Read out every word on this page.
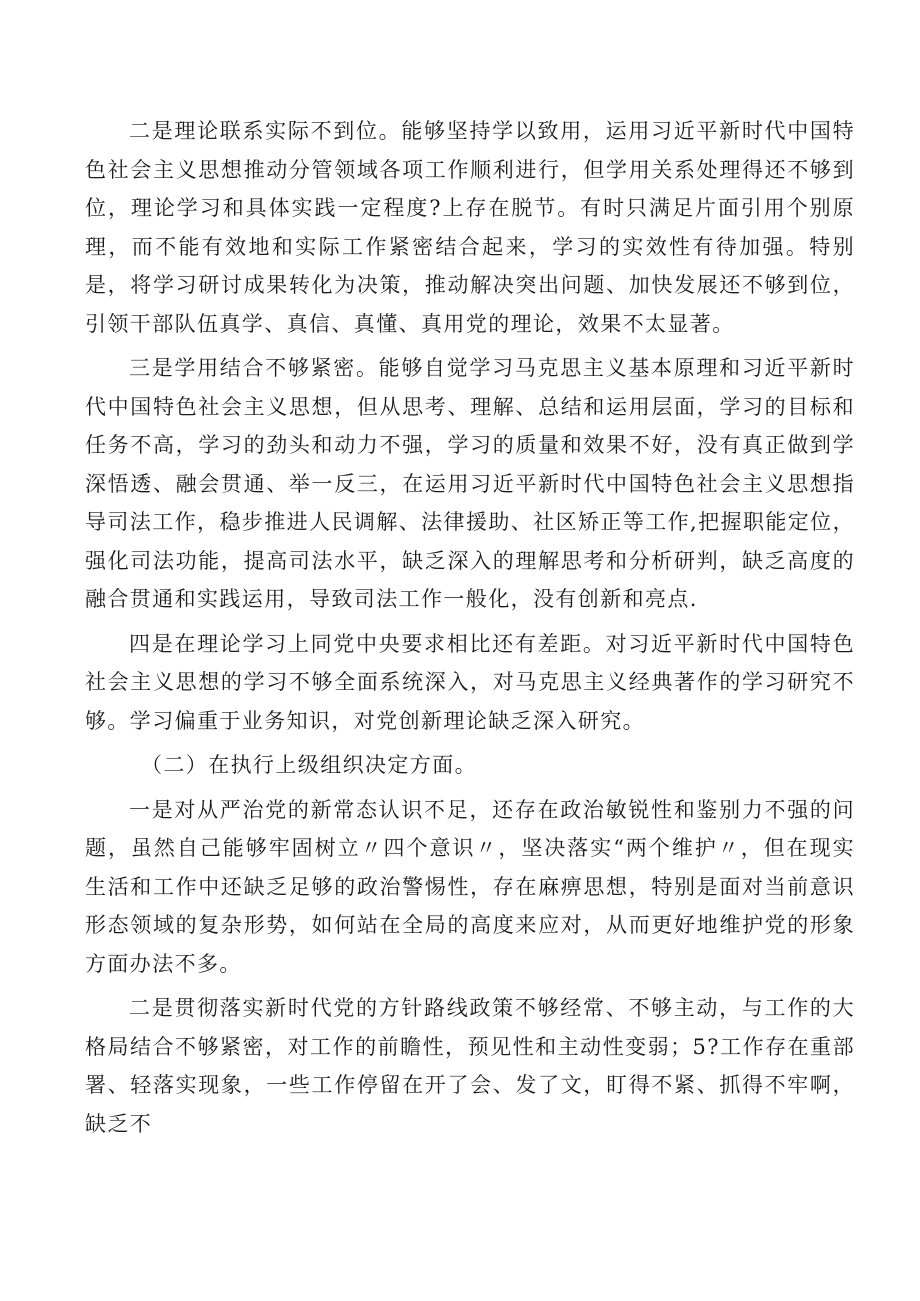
二是理论联系实际不到位。能够坚持学以致用，运用习近平新时代中国特色社会主义思想推动分管领域各项工作顺利进行，但学用关系处理得还不够到位，理论学习和具体实践一定程度?上存在脱节。有时只满足片面引用个别原理，而不能有效地和实际工作紧密结合起来，学习的实效性有待加强。特别是，将学习研讨成果转化为决策，推动解决突出问题、加快发展还不够到位，引领干部队伍真学、真信、真懂、真用党的理论，效果不太显著。

三是学用结合不够紧密。能够自觉学习马克思主义基本原理和习近平新时代中国特色社会主义思想，但从思考、理解、总结和运用层面，学习的目标和任务不高，学习的劲头和动力不强，学习的质量和效果不好，没有真正做到学深悟透、融会贯通、举一反三，在运用习近平新时代中国特色社会主义思想指导司法工作，稳步推进人民调解、法律援助、社区矫正等工作,把握职能定位，强化司法功能，提高司法水平，缺乏深入的理解思考和分析研判，缺乏高度的融合贯通和实践运用，导致司法工作一般化，没有创新和亮点.

四是在理论学习上同党中央要求相比还有差距。对习近平新时代中国特色社会主义思想的学习不够全面系统深入，对马克思主义经典著作的学习研究不够。学习偏重于业务知识，对党创新理论缺乏深入研究。

（二）在执行上级组织决定方面。

一是对从严治党的新常态认识不足，还存在政治敏锐性和鉴别力不强的问题，虽然自己能够牢固树立〃四个意识〃，坚决落实“两个维护〃，但在现实生活和工作中还缺乏足够的政治警惕性，存在麻痹思想，特别是面对当前意识形态领域的复杂形势，如何站在全局的高度来应对，从而更好地维护党的形象方面办法不多。

二是贯彻落实新时代党的方针路线政策不够经常、不够主动，与工作的大格局结合不够紧密，对工作的前瞻性，预见性和主动性变弱；5?工作存在重部署、轻落实现象，一些工作停留在开了会、发了文，盯得不紧、抓得不牢啊，缺乏不
